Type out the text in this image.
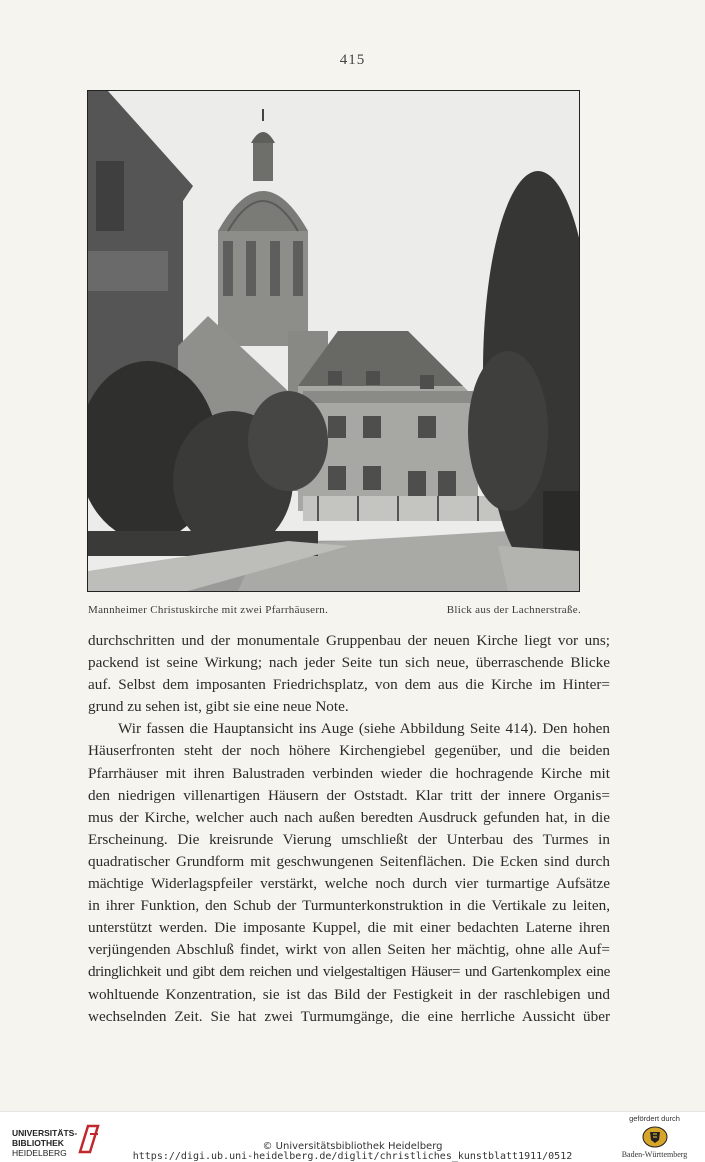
415
Mannheimer Christuskirche mit zwei Pfarrhäusern.	Blick aus der Lachnerstraße.
durchschritten und der monumentale Gruppenbau der neuen Kirche liegt vor uns;
packend ist seine Wirkung; nach jeder Seite tun sich neue, überraschende Blicke
auf. Selbst dem imposanten Friedrichsplatz, von dem aus die Kirche im Hinter=
grund zu sehen ist, gibt sie eine neue Note.
Wir fassen die Hauptansicht ins Auge (siehe Abbildung Seite 414). Den hohen
Häuserfronten steht der noch höhere Kirchengiebel gegenüber, und die beiden
Pfarrhäuser mit ihren Balustraden verbinden wieder die hochragende Kirche mit
den niedrigen villenartigen Häusern der Oststadt. Klar tritt der innere Organis=
mus der Kirche, welcher auch nach außen beredten Ausdruck gefunden hat, in die
Erscheinung. Die kreisrunde Vierung umschließt der Unterbau des Turmes in
quadratischer Grundform mit geschwungenen Seitenflächen. Die Ecken sind durch
mächtige Widerlagspfeiler verstärkt, welche noch durch vier turmartige Aufsätze
in ihrer Funktion, den Schub der Turmunterkonstruktion in die Vertikale zu leiten,
unterstützt werden. Die imposante Kuppel, die mit einer bedachten Laterne ihren
verjüngenden Abschluß findet, wirkt von allen Seiten her mächtig, ohne alle Auf=
dringlichkeit und gibt dem reichen und vielgestaltigen Häuser= und Gartenkomplex eine
wohltuende Konzentration, sie ist das Bild der Festigkeit in der raschlebigen und
wechselnden Zeit. Sie hat zwei Turmumgänge, die eine herrliche Aussicht über
UNIVERSITÄTS-
BIBLIOTHEK
HEIDELBERG
© Universitätsbibliothek Heidelberg
https://digi.ub.uni-heidelberg.de/diglit/christliches_kunstblatt1911/0512
gefördert durch
Baden-Württemberg
